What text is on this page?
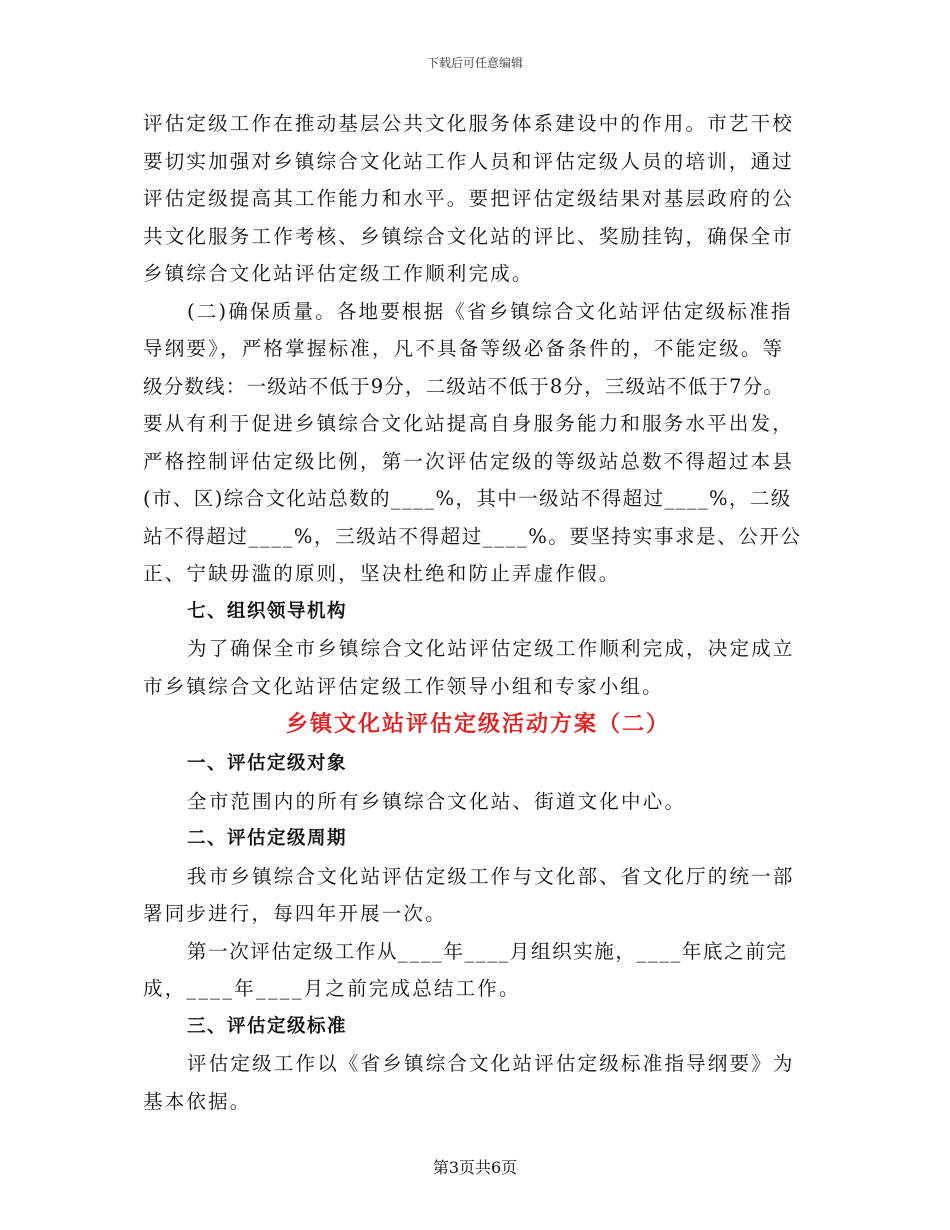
下载后可任意编辑
评估定级工作在推动基层公共文化服务体系建设中的作用。市艺干校
要切实加强对乡镇综合文化站工作人员和评估定级人员的培训，通过
评估定级提高其工作能力和水平。要把评估定级结果对基层政府的公
共文化服务工作考核、乡镇综合文化站的评比、奖励挂钩，确保全市
乡镇综合文化站评估定级工作顺利完成。
(二)确保质量。各地要根据《省乡镇综合文化站评估定级标准指
导纲要》，严格掌握标准，凡不具备等级必备条件的，不能定级。等
级分数线：一级站不低于9分，二级站不低于8分，三级站不低于7分。
要从有利于促进乡镇综合文化站提高自身服务能力和服务水平出发，
严格控制评估定级比例，第一次评估定级的等级站总数不得超过本县
(市、区)综合文化站总数的____%，其中一级站不得超过____%，二级
站不得超过____%，三级站不得超过____%。要坚持实事求是、公开公
正、宁缺毋滥的原则，坚决杜绝和防止弄虚作假。
七、组织领导机构
为了确保全市乡镇综合文化站评估定级工作顺利完成，决定成立
市乡镇综合文化站评估定级工作领导小组和专家小组。
乡镇文化站评估定级活动方案（二）
一、评估定级对象
全市范围内的所有乡镇综合文化站、街道文化中心。
二、评估定级周期
我市乡镇综合文化站评估定级工作与文化部、省文化厅的统一部
署同步进行，每四年开展一次。
第一次评估定级工作从____年____月组织实施，____年底之前完
成，____年____月之前完成总结工作。
三、评估定级标准
评估定级工作以《省乡镇综合文化站评估定级标准指导纲要》为
基本依据。
第3页共6页
